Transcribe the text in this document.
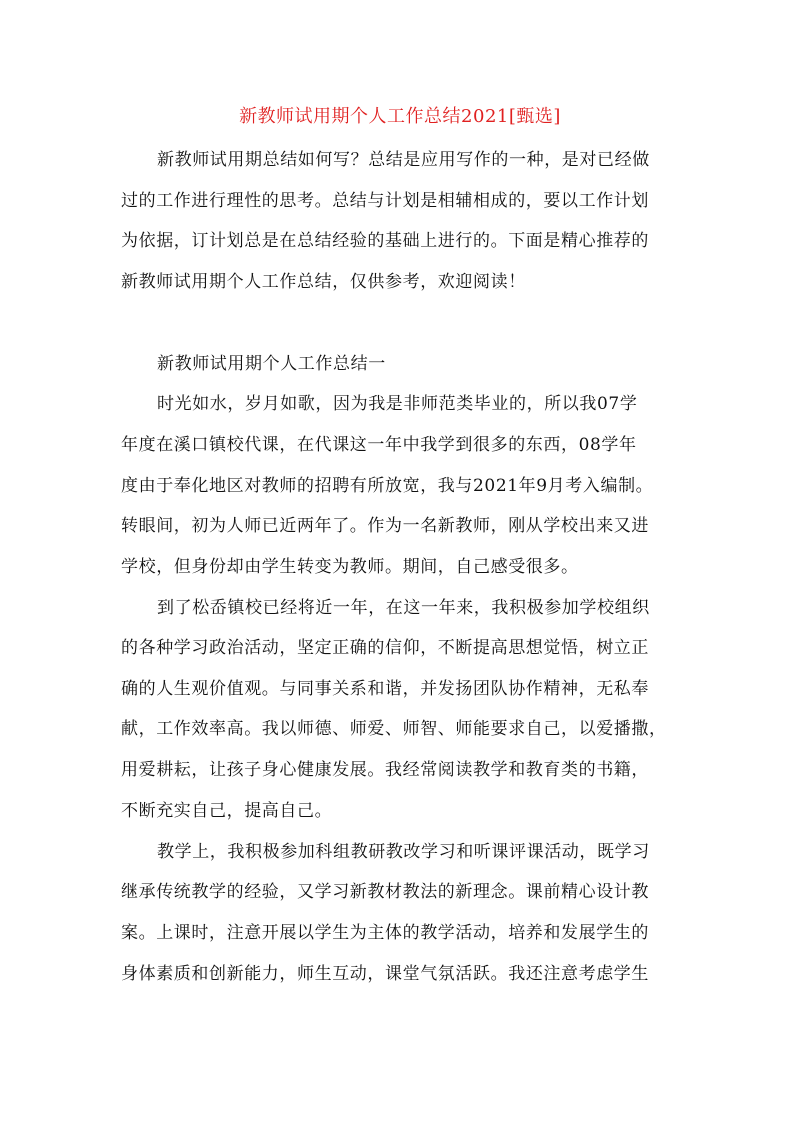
新教师试用期个人工作总结2021[甄选]
新教师试用期总结如何写？总结是应用写作的一种，是对已经做
过的工作进行理性的思考。总结与计划是相辅相成的，要以工作计划
为依据，订计划总是在总结经验的基础上进行的。下面是精心推荐的
新教师试用期个人工作总结，仅供参考，欢迎阅读！
新教师试用期个人工作总结一
时光如水，岁月如歌，因为我是非师范类毕业的，所以我07学
年度在溪口镇校代课，在代课这一年中我学到很多的东西，08学年
度由于奉化地区对教师的招聘有所放宽，我与2021年9月考入编制。
转眼间，初为人师已近两年了。作为一名新教师，刚从学校出来又进
学校，但身份却由学生转变为教师。期间，自己感受很多。
到了松岙镇校已经将近一年，在这一年来，我积极参加学校组织
的各种学习政治活动，坚定正确的信仰，不断提高思想觉悟，树立正
确的人生观价值观。与同事关系和谐，并发扬团队协作精神，无私奉
献，工作效率高。我以师德、师爱、师智、师能要求自己，以爱播撒，
用爱耕耘，让孩子身心健康发展。我经常阅读教学和教育类的书籍，
不断充实自己，提高自己。
教学上，我积极参加科组教研教改学习和听课评课活动，既学习
继承传统教学的经验，又学习新教材教法的新理念。课前精心设计教
案。上课时，注意开展以学生为主体的教学活动，培养和发展学生的
身体素质和创新能力，师生互动，课堂气氛活跃。我还注意考虑学生
